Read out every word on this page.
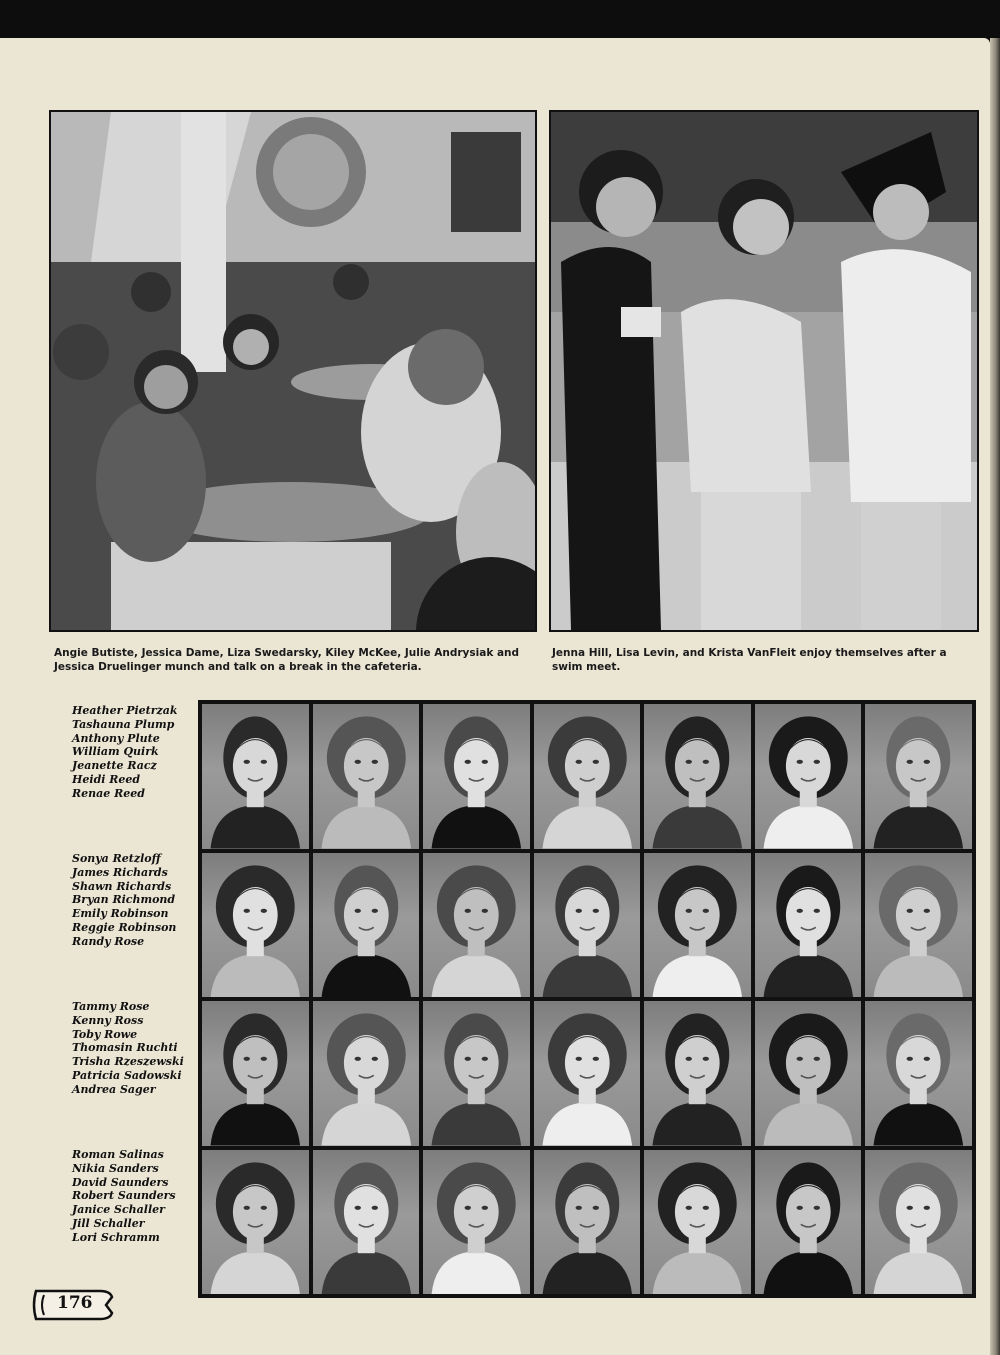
Angie Butiste, Jessica Dame, Liza Swedarsky, Kiley McKee, Julie Andrysiak and Jessica Druelinger munch and talk on a break in the cafeteria.
Jenna Hill, Lisa Levin, and Krista VanFleit enjoy themselves after a swim meet.
Heather Pietrzak
Tashauna Plump
Anthony Plute
William Quirk
Jeanette Racz
Heidi Reed
Renae Reed
Sonya Retzloff
James Richards
Shawn Richards
Bryan Richmond
Emily Robinson
Reggie Robinson
Randy Rose
Tammy Rose
Kenny Ross
Toby Rowe
Thomasin Ruchti
Trisha Rzeszewski
Patricia Sadowski
Andrea Sager
Roman Salinas
Nikia Sanders
David Saunders
Robert Saunders
Janice Schaller
Jill Schaller
Lori Schramm
176
